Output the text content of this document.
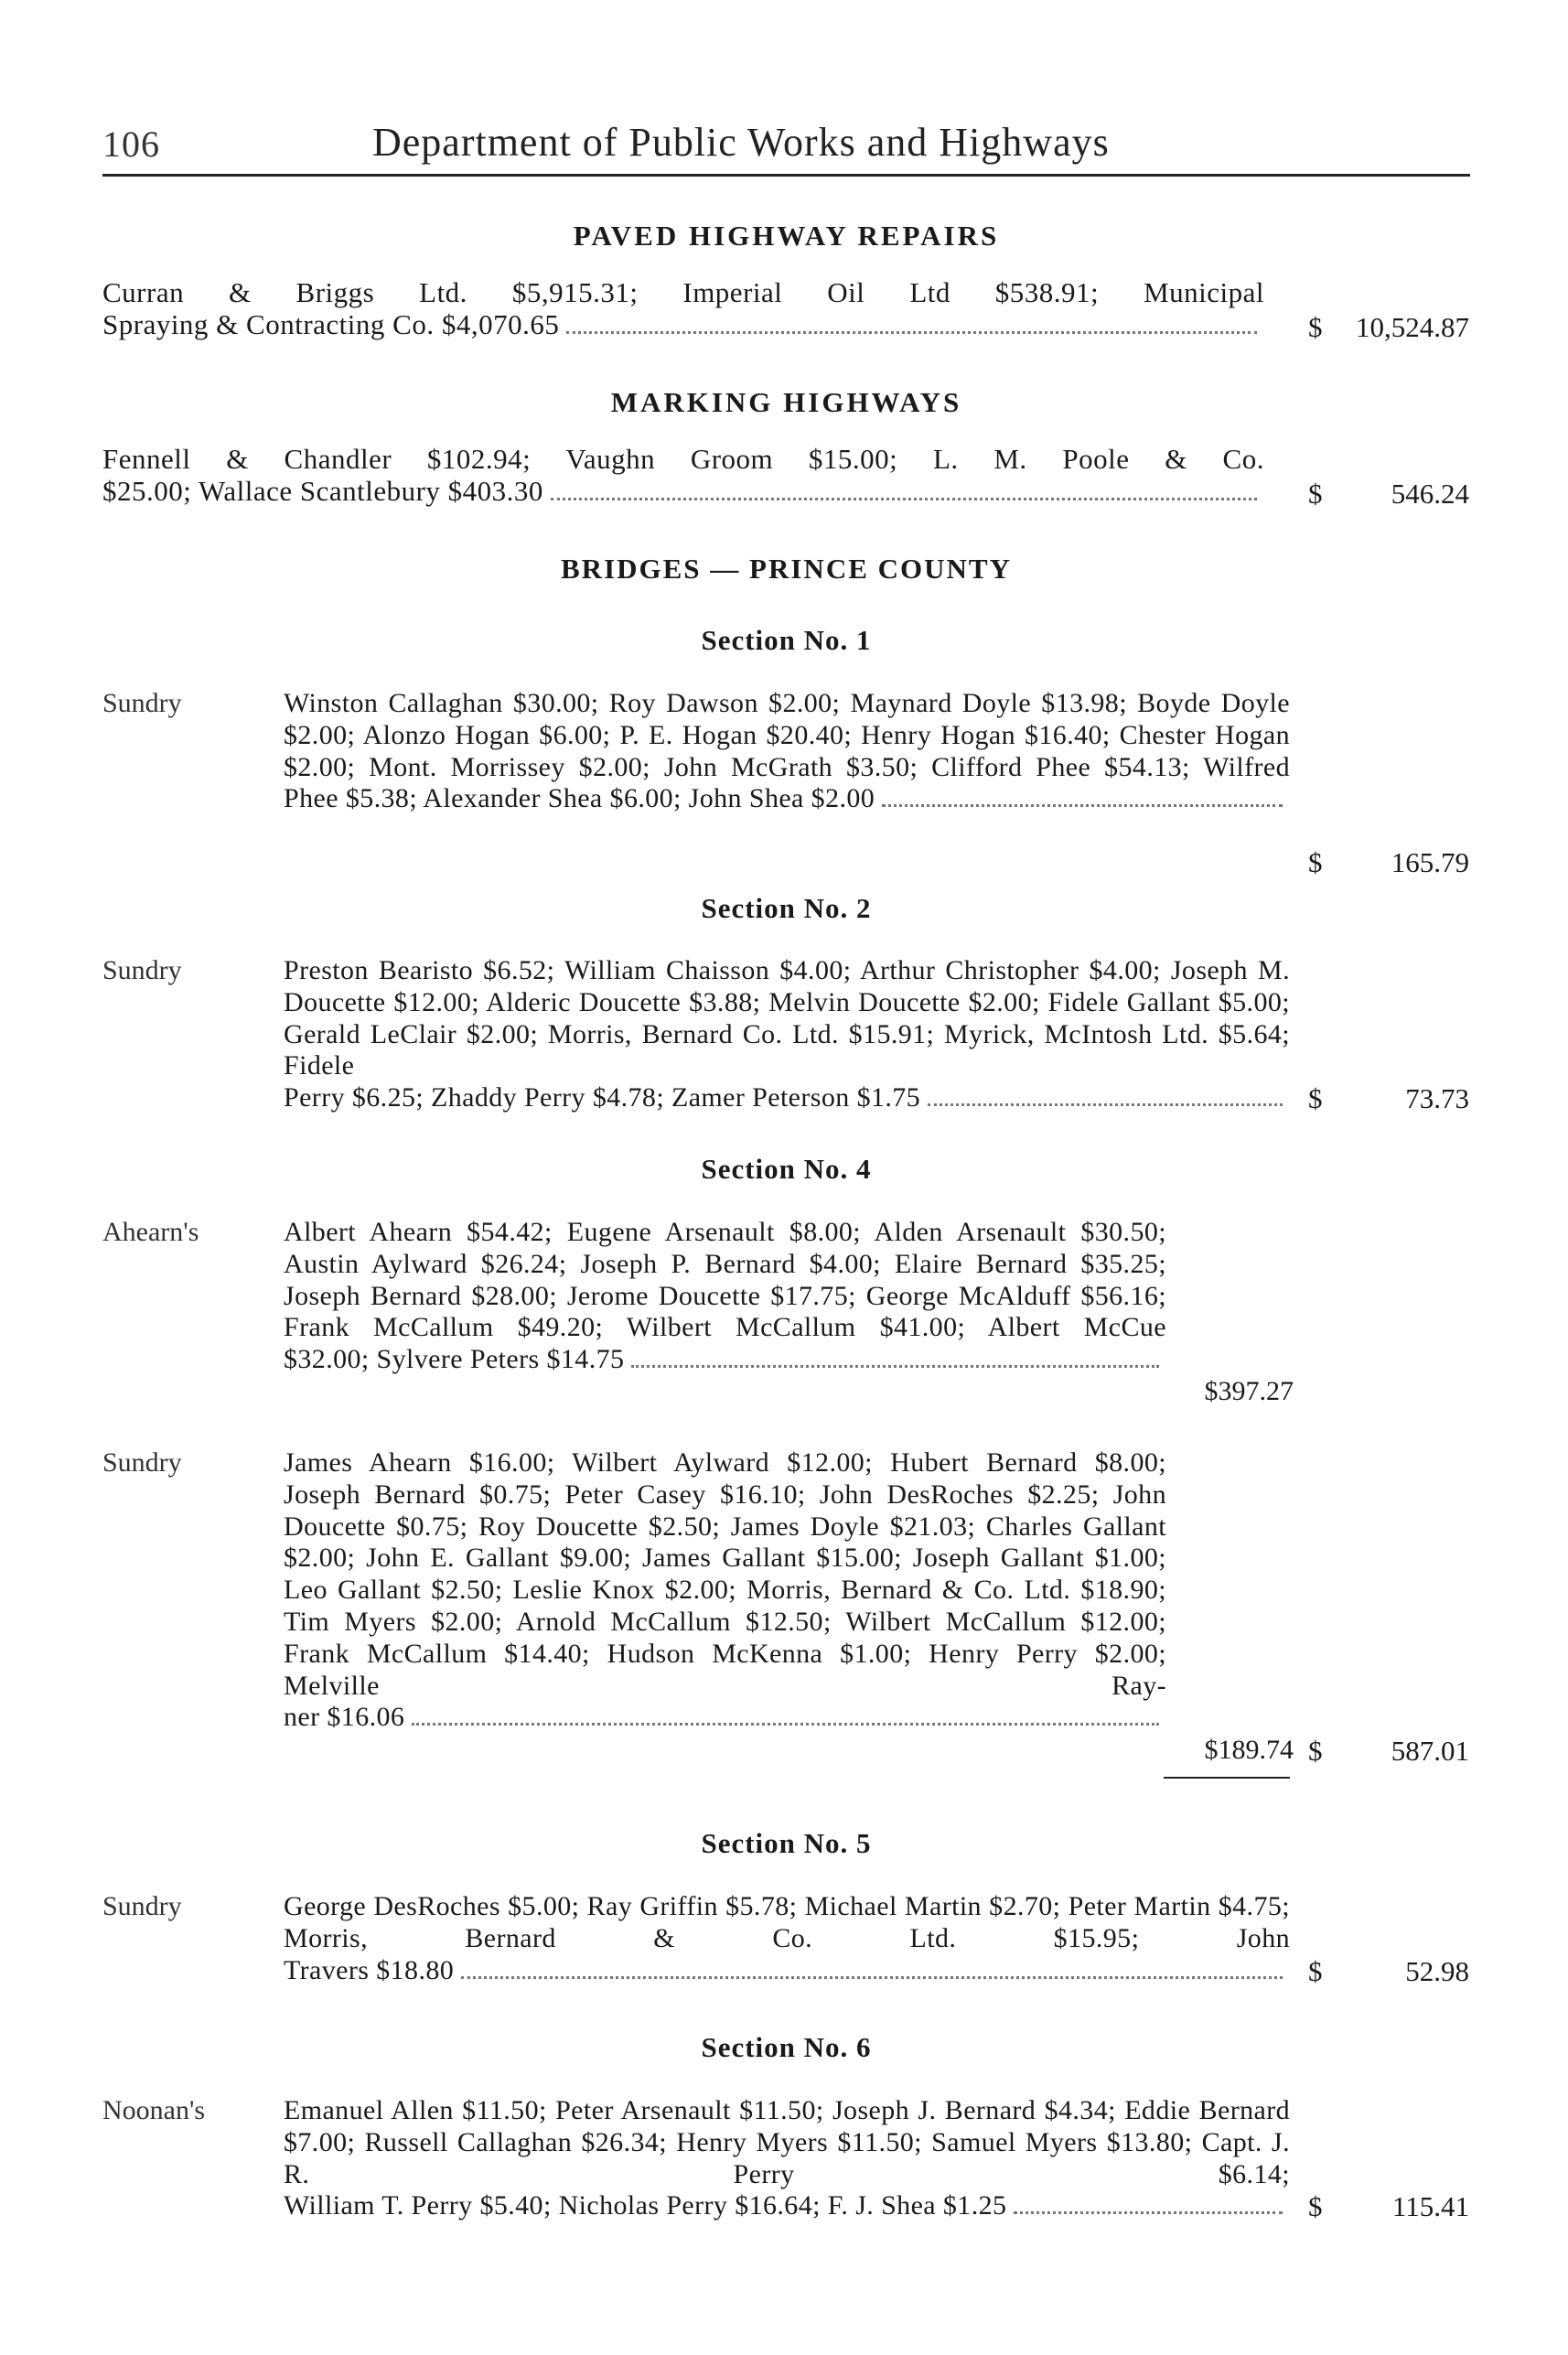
106	Department of Public Works and Highways
PAVED HIGHWAY REPAIRS
Curran & Briggs Ltd. $5,915.31; Imperial Oil Ltd $538.91; Municipal
Spraying & Contracting Co. $4,070.65	$ 10,524.87
MARKING HIGHWAYS
Fennell & Chandler $102.94; Vaughn Groom $15.00; L. M. Poole & Co.
$25.00; Wallace Scantlebury $403.30	$ 546.24
BRIDGES — PRINCE COUNTY
Section No. 1
Sundry	Winston Callaghan $30.00; Roy Dawson $2.00; Maynard Doyle $13.98; Boyde Doyle $2.00; Alonzo Hogan $6.00; P. E. Hogan $20.40; Henry Hogan $16.40; Chester Hogan $2.00; Mont. Morrissey $2.00; John McGrath $3.50; Clifford Phee $54.13; Wilfred
Phee $5.38; Alexander Shea $6.00; John Shea $2.00
$ 165.79
Section No. 2
Sundry	Preston Bearisto $6.52; William Chaisson $4.00; Arthur Christopher $4.00; Joseph M. Doucette $12.00; Alderic Doucette $3.88; Melvin Doucette $2.00; Fidele Gallant $5.00; Gerald LeClair $2.00; Morris, Bernard Co. Ltd. $15.91; Myrick, McIntosh Ltd. $5.64; Fidele
Perry $6.25; Zhaddy Perry $4.78; Zamer Peterson $1.75	$	73.73
Section No. 4
Ahearn's	Albert Ahearn $54.42; Eugene Arsenault $8.00; Alden Arsenault $30.50; Austin Aylward $26.24; Joseph P. Bernard $4.00; Elaire Bernard $35.25; Joseph Bernard $28.00; Jerome Doucette $17.75; George McAlduff $56.16; Frank McCallum $49.20; Wilbert McCallum $41.00; Albert McCue
$32.00; Sylvere Peters $14.75
$397.27
Sundry	James Ahearn $16.00; Wilbert Aylward $12.00; Hubert Bernard $8.00; Joseph Bernard $0.75; Peter Casey $16.10; John DesRoches $2.25; John Doucette $0.75; Roy Doucette $2.50; James Doyle $21.03; Charles Gallant $2.00; John E. Gallant $9.00; James Gallant $15.00; Joseph Gallant $1.00; Leo Gallant $2.50; Leslie Knox $2.00; Morris, Bernard & Co. Ltd. $18.90; Tim Myers $2.00; Arnold McCallum $12.50; Wilbert McCallum $12.00; Frank McCallum $14.40; Hudson McKenna $1.00; Henry Perry $2.00; Melville Ray-
ner $16.06
$189.74 $ 587.01
Section No. 5
Sundry	George DesRoches $5.00; Ray Griffin $5.78; Michael Martin $2.70; Peter Martin $4.75; Morris, Bernard & Co. Ltd. $15.95; John
Travers $18.80	$	52.98
Section No. 6
Noonan's	Emanuel Allen $11.50; Peter Arsenault $11.50; Joseph J. Bernard $4.34; Eddie Bernard $7.00; Russell Callaghan $26.34; Henry Myers $11.50; Samuel Myers $13.80; Capt. J. R. Perry $6.14;
William T. Perry $5.40; Nicholas Perry $16.64; F. J. Shea $1.25	$ 115.41
